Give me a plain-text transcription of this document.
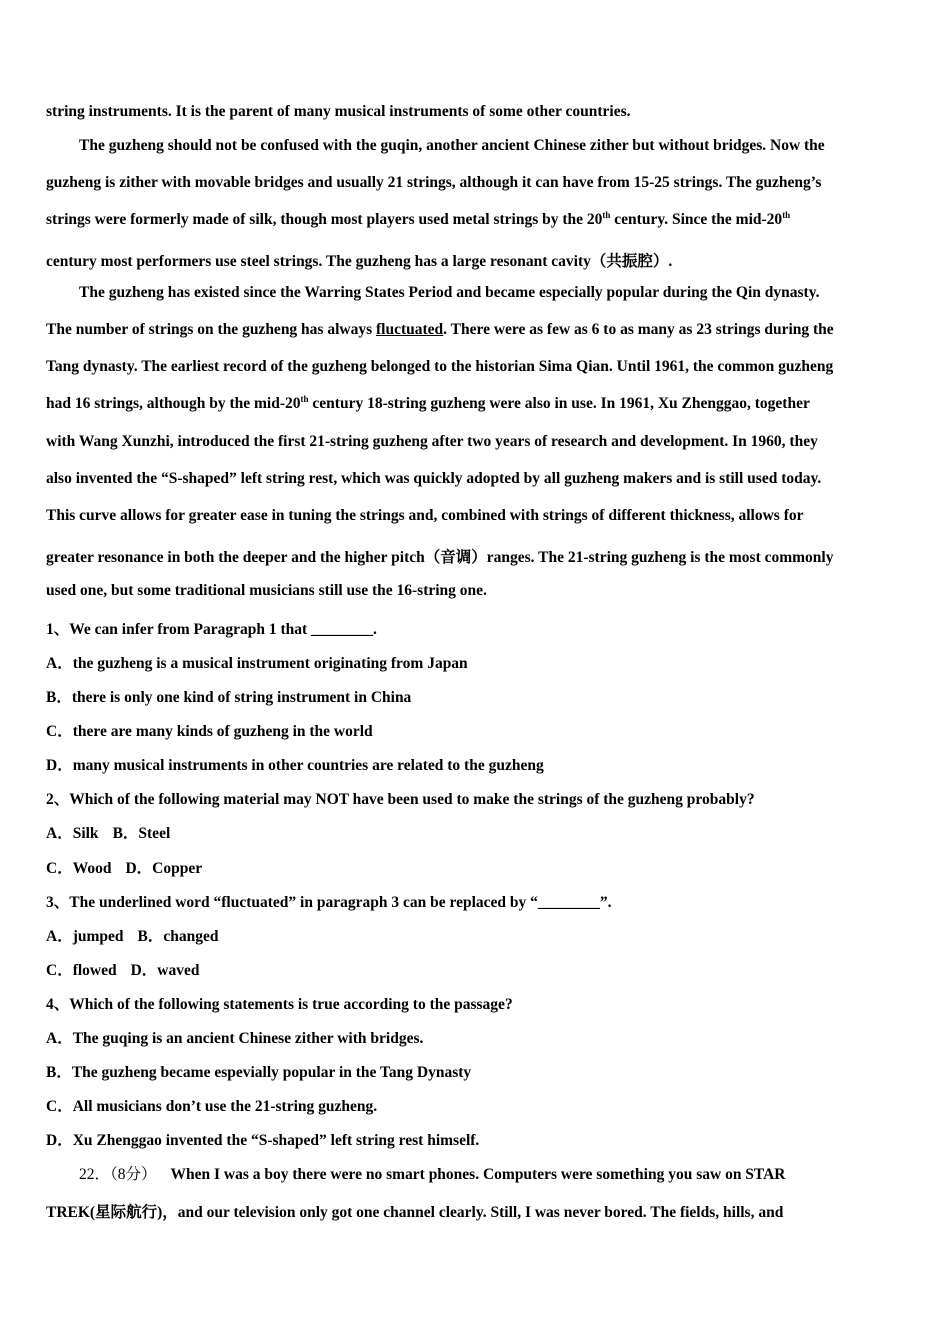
string instruments. It is the parent of many musical instruments of some other countries.
The guzheng should not be confused with the guqin, another ancient Chinese zither but without bridges. Now the
guzheng is zither with movable bridges and usually 21 strings, although it can have from 15-25 strings. The guzheng’s
strings were formerly made of silk, though most players used metal strings by the 20th century. Since the mid-20th
century most performers use steel strings. The guzheng has a large resonant cavity（共振腔）.
The guzheng has existed since the Warring States Period and became especially popular during the Qin dynasty.
The number of strings on the guzheng has always fluctuated. There were as few as 6 to as many as 23 strings during the
Tang dynasty. The earliest record of the guzheng belonged to the historian Sima Qian. Until 1961, the common guzheng
had 16 strings, although by the mid-20th century 18-string guzheng were also in use. In 1961, Xu Zhenggao, together
with Wang Xunzhi, introduced the first 21-string guzheng after two years of research and development. In 1960, they
also invented the “S-shaped” left string rest, which was quickly adopted by all guzheng makers and is still used today.
This curve allows for greater ease in tuning the strings and, combined with strings of different thickness, allows for
greater resonance in both the deeper and the higher pitch（音调）ranges. The 21-string guzheng is the most commonly
used one, but some traditional musicians still use the 16-string one.
1、We can infer from Paragraph 1 that ________.
A．the guzheng is a musical instrument originating from Japan
B．there is only one kind of string instrument in China
C．there are many kinds of guzheng in the world
D．many musical instruments in other countries are related to the guzheng
2、Which of the following material may NOT have been used to make the strings of the guzheng probably?
A．Silk B．Steel
C．Wood D．Copper
3、The underlined word “fluctuated” in paragraph 3 can be replaced by “________”.
A．jumped B．changed
C．flowed D．waved
4、Which of the following statements is true according to the passage?
A．The guqing is an ancient Chinese zither with bridges.
B．The guzheng became espevially popular in the Tang Dynasty
C．All musicians don’t use the 21-string guzheng.
D．Xu Zhenggao invented the “S-shaped” left string rest himself.
22．（8分） When I was a boy there were no smart phones. Computers were something you saw on STAR
TREK(星际航行)，and our television only got one channel clearly. Still, I was never bored. The fields, hills, and
